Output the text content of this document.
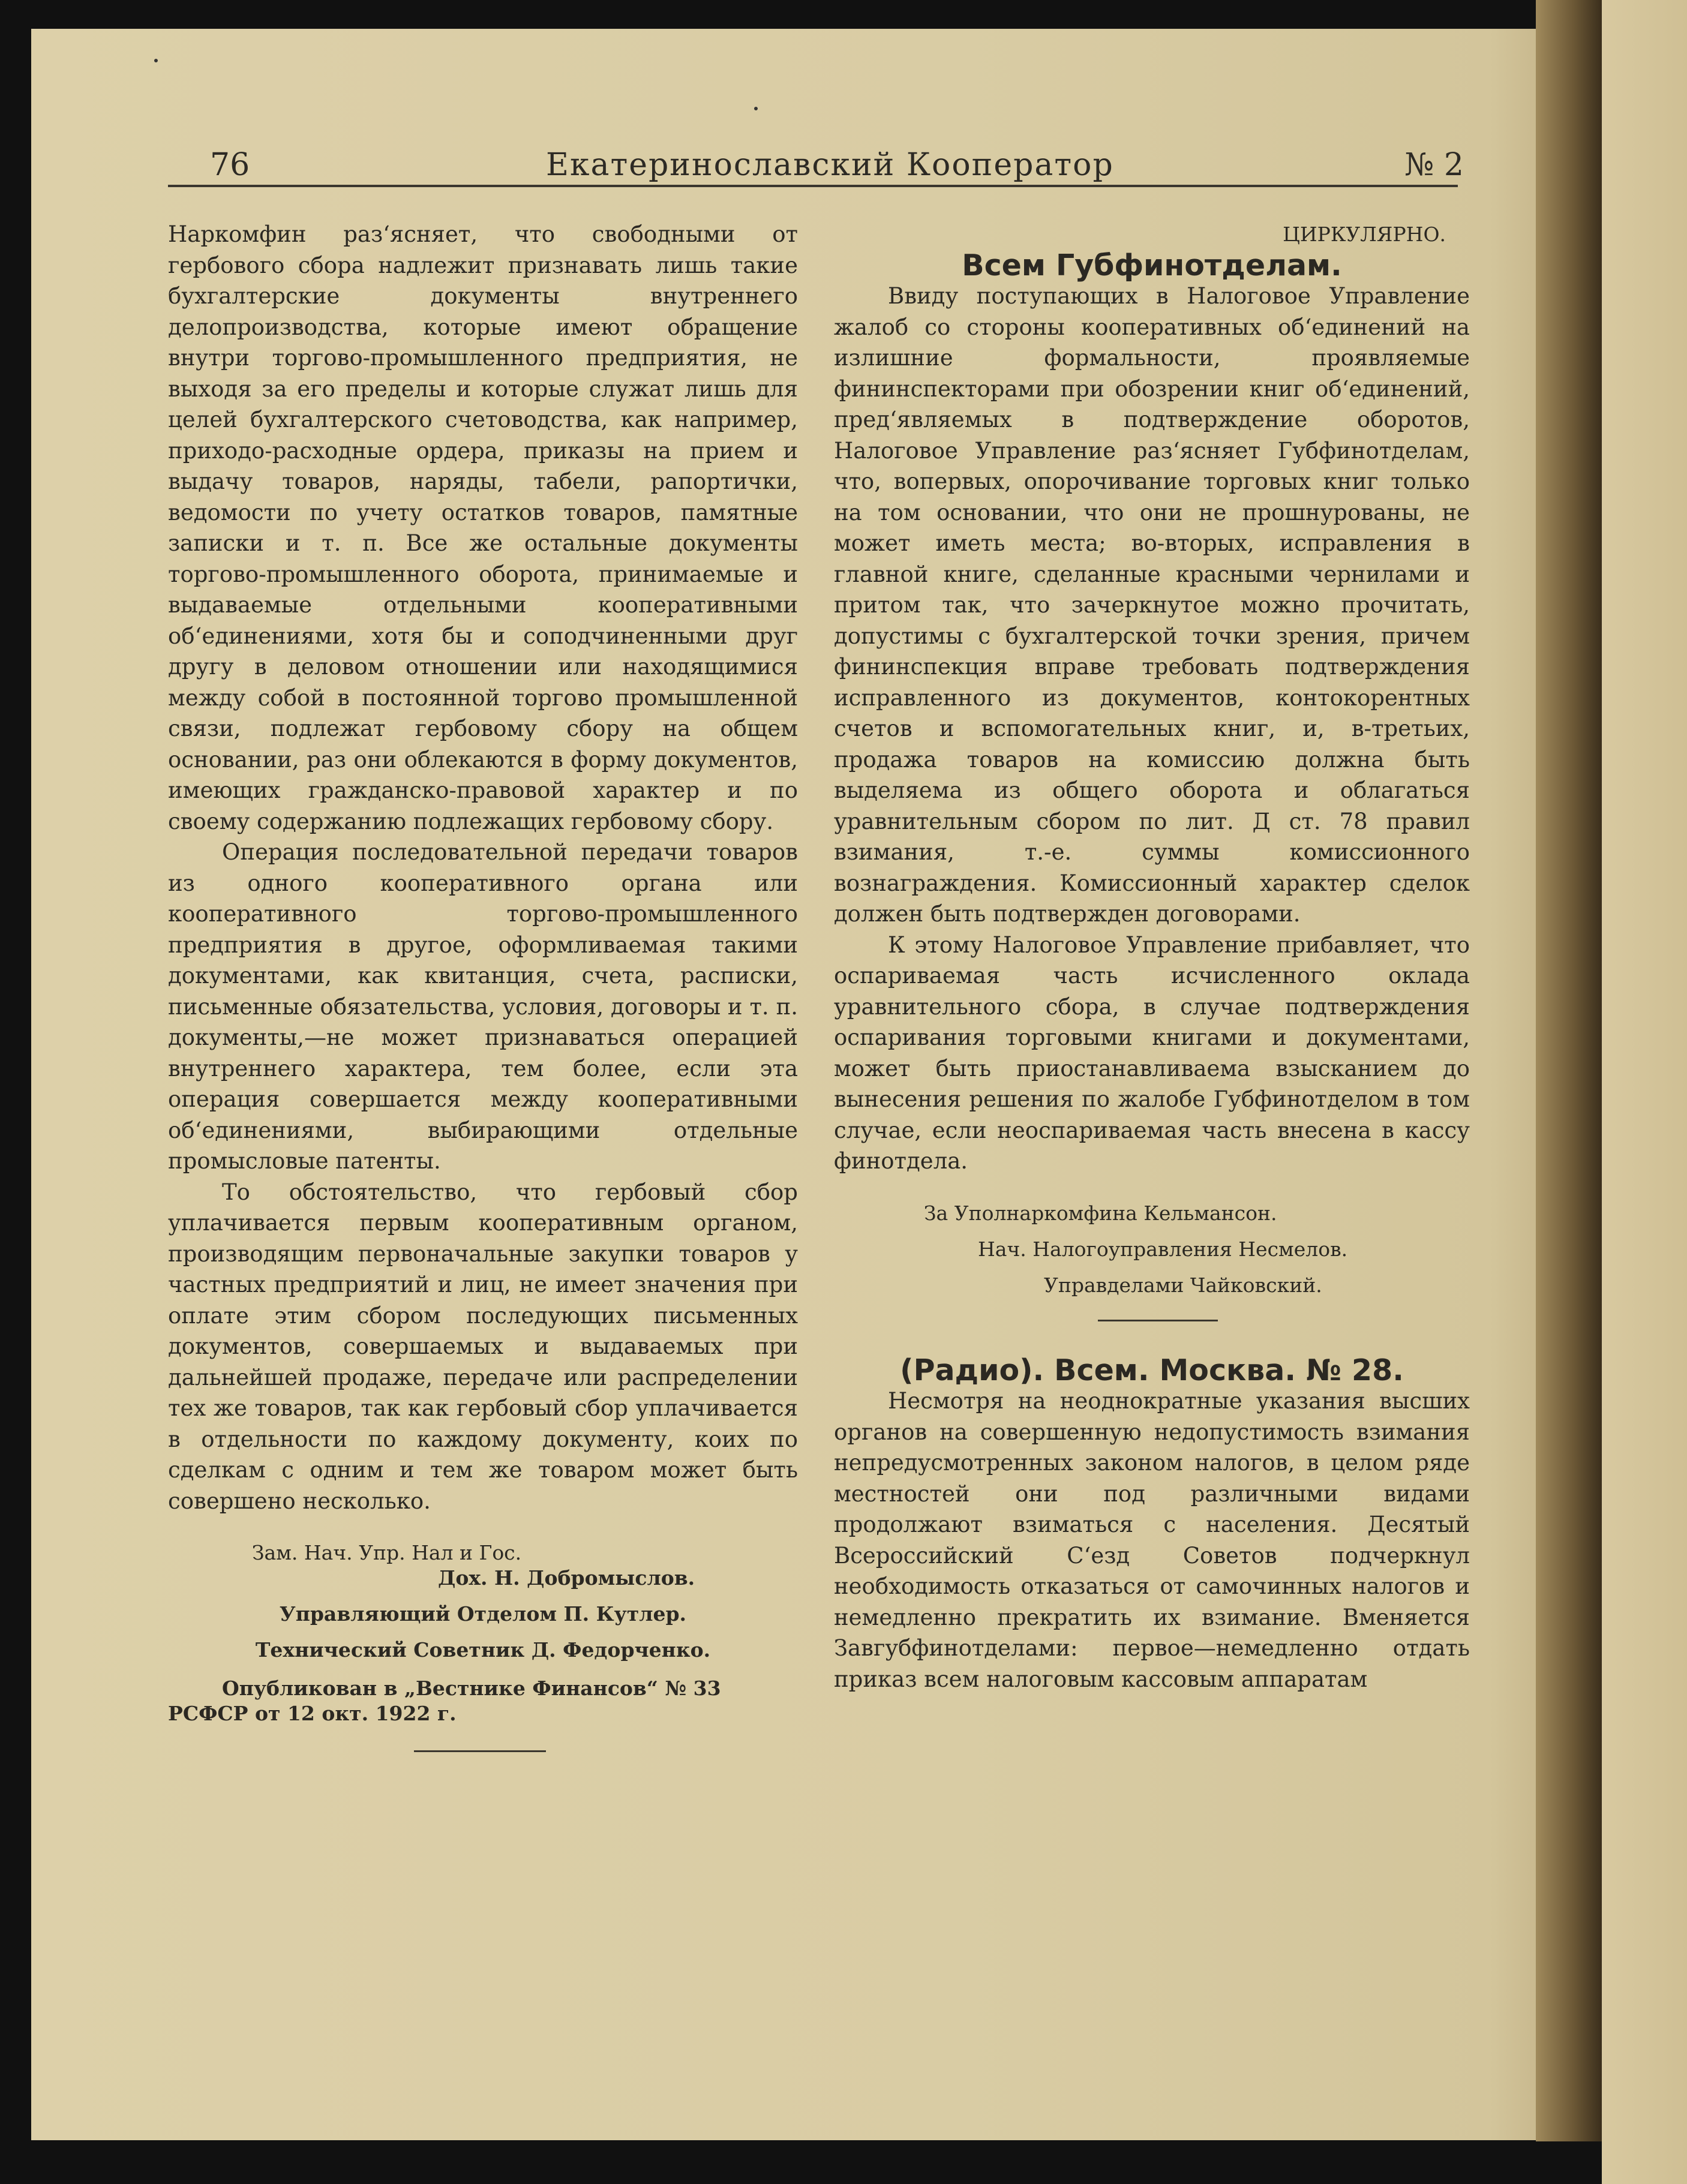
76	Екатеринославский Кооператор	№ 2

Наркомфин раз‘ясняет, что свободными от гербового сбора надлежит признавать лишь такие бухгалтерские документы внутреннего делопроизводства, которые имеют обращение внутри торгово-промышленного предприятия, не выходя за его пределы и которые служат лишь для целей бухгалтерского счетоводства, как например, приходо-расходные ордера, приказы на прием и выдачу товаров, наряды, табели, рапортички, ведомости по учету остатков товаров, памятные записки и т. п. Все же остальные документы торгово-промышленного оборота, принимаемые и выдаваемые отдельными кооперативными об‘единениями, хотя бы и соподчиненными друг другу в деловом отношении или находящимися между собой в постоянной торгово промышленной связи, подлежат гербовому сбору на общем основании, раз они облекаются в форму документов, имеющих гражданско-правовой характер и по своему содержанию подлежащих гербовому сбору.

Операция последовательной передачи товаров из одного кооперативного органа или кооперативного торгово-промышленного предприятия в другое, оформливаемая такими документами, как квитанция, счета, расписки, письменные обязательства, условия, договоры и т. п. документы,—не может признаваться операцией внутреннего характера, тем более, если эта операция совершается между кооперативными об‘единениями, выбирающими отдельные промысловые патенты.

То обстоятельство, что гербовый сбор уплачивается первым кооперативным органом, производящим первоначальные закупки товаров у частных предприятий и лиц, не имеет значения при оплате этим сбором последующих письменных документов, совершаемых и выдаваемых при дальнейшей продаже, передаче или распределении тех же товаров, так как гербовый сбор уплачивается в отдельности по каждому документу, коих по сделкам с одним и тем же товаром может быть совершено несколько.

Зам. Нач. Упр. Нал и Гос.

Дох. Н. Добромыслов.

Управляющий Отделом П. Кутлер.

Технический Советник Д. Федорченко.

Опубликован в „Вестнике Финансов“ № 33

РСФСР от 12 окт. 1922 г.

ЦИРКУЛЯРНО.

Всем Губфинотделам.

Ввиду поступающих в Налоговое Управление жалоб со стороны кооперативных об‘единений на излишние формальности, проявляемые фининспекторами при обозрении книг об‘единений, пред‘являемых в подтверждение оборотов, Налоговое Управление раз‘ясняет Губфинотделам, что, вопервых, опорочивание торговых книг только на том основании, что они не прошнурованы, не может иметь места; во-вторых, исправления в главной книге, сделанные красными чернилами и притом так, что зачеркнутое можно прочитать, допустимы с бухгалтерской точки зрения, причем фининспекция вправе требовать подтверждения исправленного из документов, контокорентных счетов и вспомогательных книг, и, в-третьих, продажа товаров на комиссию должна быть выделяема из общего оборота и облагаться уравнительным сбором по лит. Д ст. 78 правил взимания, т.-е. суммы комиссионного вознаграждения. Комиссионный характер сделок должен быть подтвержден договорами.

К этому Налоговое Управление прибавляет, что оспариваемая часть исчисленного оклада уравнительного сбора, в случае подтверждения оспаривания торговыми книгами и документами, может быть приостанавливаема взысканием до вынесения решения по жалобе Губфинотделом в том случае, если неоспариваемая часть внесена в кассу финотдела.

За Уполнаркомфина Кельмансон.

Нач. Налогоуправления Несмелов.

Управделами Чайковский.

(Радио). Всем. Москва. № 28.

Несмотря на неоднократные указания высших органов на совершенную недопустимость взимания непредусмотренных законом налогов, в целом ряде местностей они под различными видами продолжают взиматься с населения. Десятый Всероссийский С‘езд Советов подчеркнул необходимость отказаться от самочинных налогов и немедленно прекратить их взимание. Вменяется Завгубфинотделами: первое—немедленно отдать приказ всем налоговым кассовым аппаратам
